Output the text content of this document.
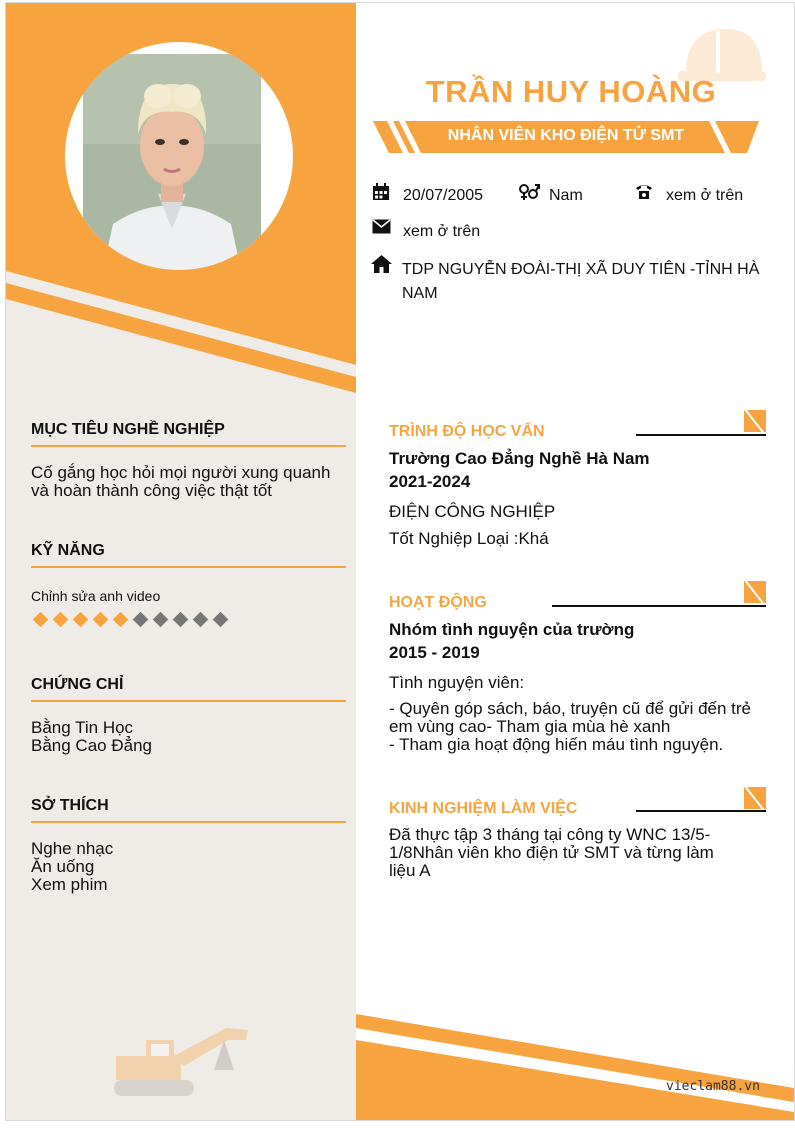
MỤC TIÊU NGHỀ NGHIỆP
Cố gắng học hỏi mọi người xung quanh và hoàn thành công việc thật tốt
KỸ NĂNG
Chỉnh sửa anh video
CHỨNG CHỈ
Bằng Tin Học
Bằng Cao Đẳng
SỞ THÍCH
Nghe nhạc
Ăn uống
Xem phim
TRẦN HUY HOÀNG
NHÂN VIÊN KHO ĐIỆN TỬ SMT
20/07/2005	Nam	xem ở trên
xem ở trên
TDP NGUYỄN ĐOÀI-THỊ XÃ DUY TIÊN -TỈNH HÀ NAM
TRÌNH ĐỘ HỌC VẤN
Trường Cao Đẳng Nghề Hà Nam
2021-2024
ĐIỆN CÔNG NGHIỆP
Tốt Nghiệp Loại :Khá
HOẠT ĐỘNG
Nhóm tình nguyện của trường
2015 - 2019
Tình nguyện viên:
- Quyên góp sách, báo, truyện cũ để gửi đến trẻ em vùng cao- Tham gia mùa hè xanh
- Tham gia hoạt động hiến máu tình nguyện.
KINH NGHIỆM LÀM VIỆC
Đã thực tập 3 tháng tại công ty WNC 13/5-1/8Nhân viên kho điện tử SMT và từng làm liệu A
vieclam88.vn
